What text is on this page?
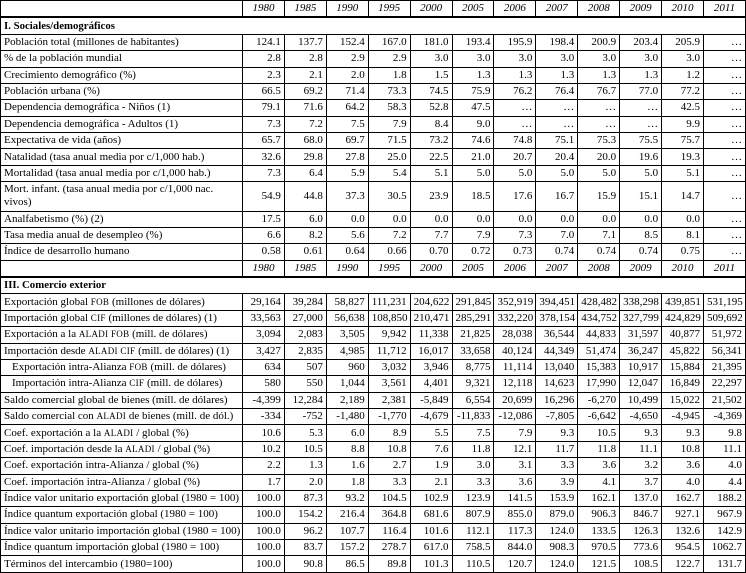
	1980	1985	1990	1995	2000	2005	2006	2007	2008	2009	2010	2011
I. Sociales/demográficos												
Población total (millones de habitantes)	124.1	137.7	152.4	167.0	181.0	193.4	195.9	198.4	200.9	203.4	205.9	…
% de la población mundial	2.8	2.8	2.9	2.9	3.0	3.0	3.0	3.0	3.0	3.0	3.0	…
Crecimiento demográfico (%)	2.3	2.1	2.0	1.8	1.5	1.3	1.3	1.3	1.3	1.3	1.2	…
Población urbana (%)	66.5	69.2	71.4	73.3	74.5	75.9	76.2	76.4	76.7	77.0	77.2	…
Dependencia demográfica - Niños (1)	79.1	71.6	64.2	58.3	52.8	47.5	…	…	…	…	42.5	…
Dependencia demográfica - Adultos (1)	7.3	7.2	7.5	7.9	8.4	9.0	…	…	…	…	9.9	…
Expectativa de vida (años)	65.7	68.0	69.7	71.5	73.2	74.6	74.8	75.1	75.3	75.5	75.7	…
Natalidad (tasa anual media por c/1,000 hab.)	32.6	29.8	27.8	25.0	22.5	21.0	20.7	20.4	20.0	19.6	19.3	…
Mortalidad (tasa anual media por c/1,000 hab.)	7.3	6.4	5.9	5.4	5.1	5.0	5.0	5.0	5.0	5.0	5.1	…
Mort. infant. (tasa anual media por c/1,000 nac. vivos)	54.9	44.8	37.3	30.5	23.9	18.5	17.6	16.7	15.9	15.1	14.7	…
Analfabetismo (%) (2)	17.5	6.0	0.0	0.0	0.0	0.0	0.0	0.0	0.0	0.0	0.0	…
Tasa media anual de desempleo (%)	6.6	8.2	5.6	7.2	7.7	7.9	7.3	7.0	7.1	8.5	8.1	…
Índice de desarrollo humano	0.58	0.61	0.64	0.66	0.70	0.72	0.73	0.74	0.74	0.74	0.75	…
	1980	1985	1990	1995	2000	2005	2006	2007	2008	2009	2010	2011
III. Comercio exterior												
Exportación global FOB (millones de dólares)	29,164	39,284	58,827	111,231	204,622	291,845	352,919	394,451	428,482	338,298	439,851	531,195
Importación global CIF (millones de dólares) (1)	33,563	27,000	56,638	108,850	210,471	285,291	332,220	378,154	434,752	327,799	424,829	509,692
Exportación a la ALADI FOB (mill. de dólares)	3,094	2,083	3,505	9,942	11,338	21,825	28,038	36,544	44,833	31,597	40,877	51,972
Importación desde ALADI CIF (mill. de dólares) (1)	3,427	2,835	4,985	11,712	16,017	33,658	40,124	44,349	51,474	36,247	45,822	56,341
Exportación intra-Alianza FOB (mill. de dólares)	634	507	960	3,032	3,946	8,775	11,114	13,040	15,383	10,917	15,884	21,395
Importación intra-Alianza CIF (mill. de dólares)	580	550	1,044	3,561	4,401	9,321	12,118	14,623	17,990	12,047	16,849	22,297
Saldo comercial global de bienes (mill. de dólares)	-4,399	12,284	2,189	2,381	-5,849	6,554	20,699	16,296	-6,270	10,499	15,022	21,502
Saldo comercial con ALADI de bienes (mill. de dól.)	-334	-752	-1,480	-1,770	-4,679	-11,833	-12,086	-7,805	-6,642	-4,650	-4,945	-4,369
Coef. exportación a la ALADI / global (%)	10.6	5.3	6.0	8.9	5.5	7.5	7.9	9.3	10.5	9.3	9.3	9.8
Coef. importación desde la ALADI / global (%)	10.2	10.5	8.8	10.8	7.6	11.8	12.1	11.7	11.8	11.1	10.8	11.1
Coef. exportación intra-Alianza / global (%)	2.2	1.3	1.6	2.7	1.9	3.0	3.1	3.3	3.6	3.2	3.6	4.0
Coef. importación intra-Alianza / global (%)	1.7	2.0	1.8	3.3	2.1	3.3	3.6	3.9	4.1	3.7	4.0	4.4
Índice valor unitario exportación global (1980 = 100)	100.0	87.3	93.2	104.5	102.9	123.9	141.5	153.9	162.1	137.0	162.7	188.2
Índice quantum exportación global (1980 = 100)	100.0	154.2	216.4	364.8	681.6	807.9	855.0	879.0	906.3	846.7	927.1	967.9
Índice valor unitario importación global (1980 = 100)	100.0	96.2	107.7	116.4	101.6	112.1	117.3	124.0	133.5	126.3	132.6	142.9
Índice quantum importación global (1980 = 100)	100.0	83.7	157.2	278.7	617.0	758.5	844.0	908.3	970.5	773.6	954.5	1062.7
Términos del intercambio (1980=100)	100.0	90.8	86.5	89.8	101.3	110.5	120.7	124.0	121.5	108.5	122.7	131.7
